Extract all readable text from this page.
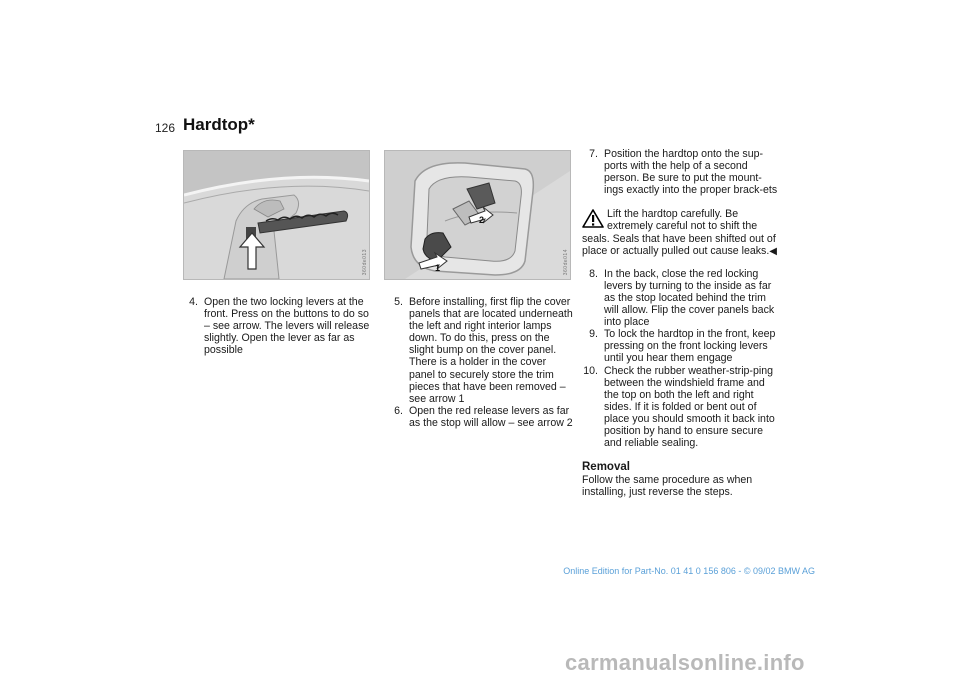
126 Hardtop*
360de013
2
1	360de014
4. Open the two locking levers at the front. Press on the buttons to do so – see arrow. The levers will release slightly. Open the lever as far as possible
5. Before installing, first flip the cover panels that are located underneath the left and right interior lamps down. To do this, press on the slight bump on the cover panel. There is a holder in the cover panel to securely store the trim pieces that have been removed – see arrow 1
6. Open the red release levers as far as the stop will allow – see arrow 2
7. Position the hardtop onto the sup-ports with the help of a second person. Be sure to put the mount-ings exactly into the proper brack-ets
Lift the hardtop carefully. Be extremely careful not to shift the seals. Seals that have been shifted out of place or actually pulled out cause leaks.◀
8. In the back, close the red locking levers by turning to the inside as far as the stop located behind the trim will allow. Flip the cover panels back into place
9. To lock the hardtop in the front, keep pressing on the front locking levers until you hear them engage
10. Check the rubber weather-strip-ping between the windshield frame and the top on both the left and right sides. If it is folded or bent out of place you should smooth it back into position by hand to ensure secure and reliable sealing.
Removal
Follow the same procedure as when installing, just reverse the steps.
Online Edition for Part-No. 01 41 0 156 806 - © 09/02 BMW AG
carmanualsonline.info
